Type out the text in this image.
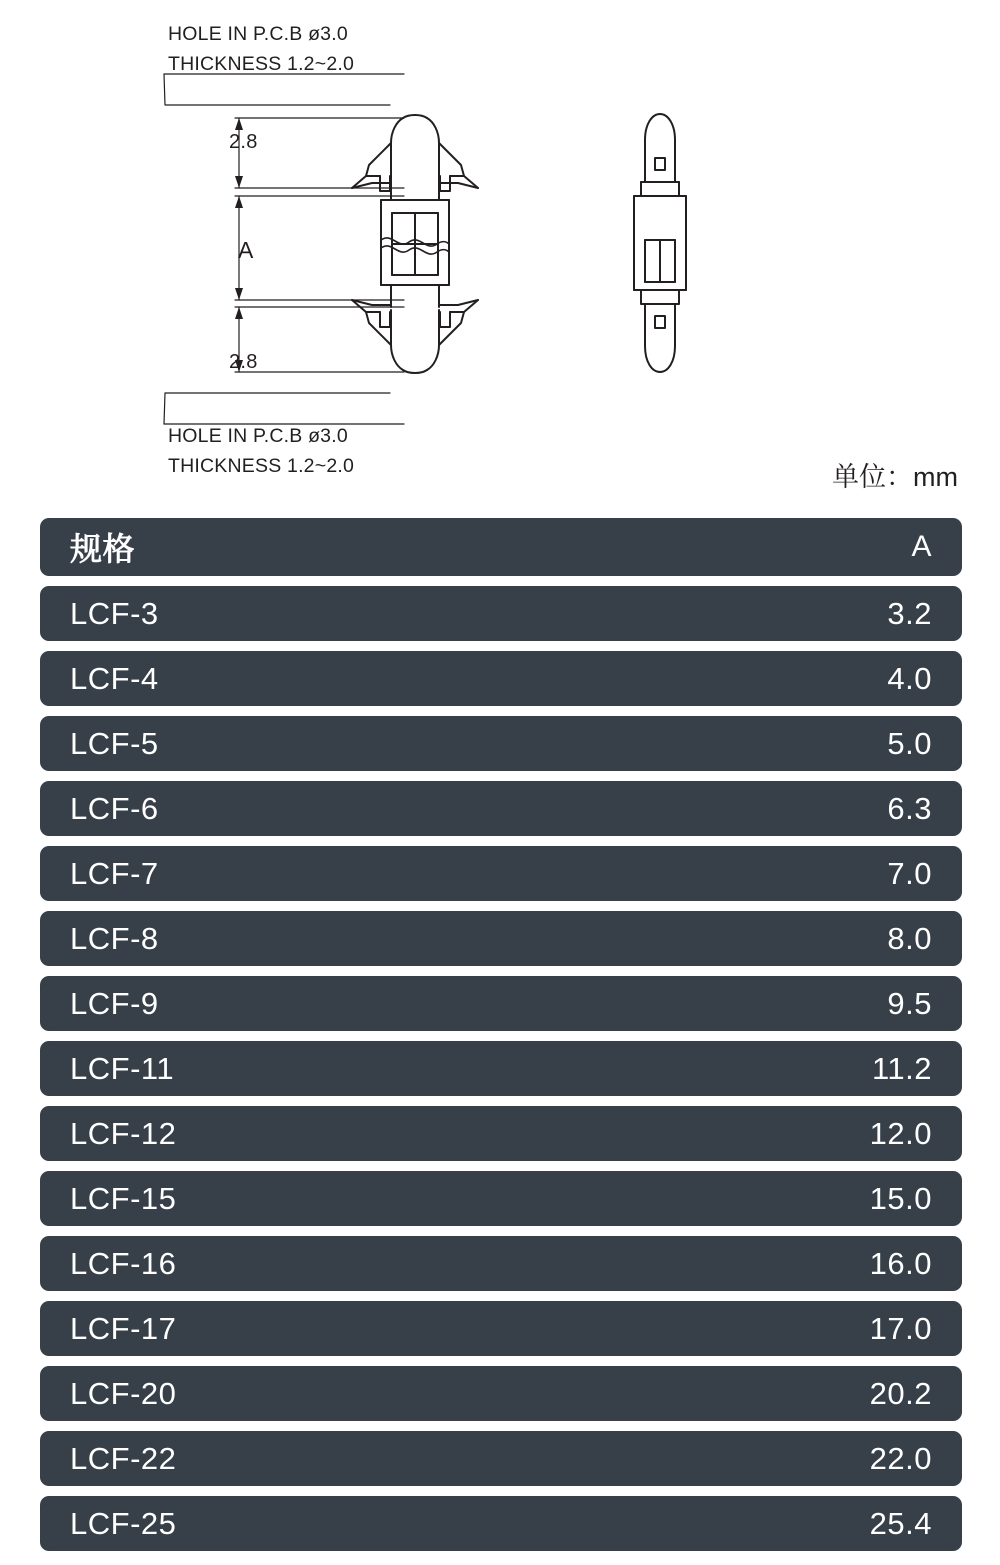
HOLE IN P.C.B ø3.0
THICKNESS 1.2~2.0
HOLE IN P.C.B ø3.0
THICKNESS 1.2~2.0
2.8
A
2.8
单位：mm
规格	A
LCF-3	3.2
LCF-4	4.0
LCF-5	5.0
LCF-6	6.3
LCF-7	7.0
LCF-8	8.0
LCF-9	9.5
LCF-11	11.2
LCF-12	12.0
LCF-15	15.0
LCF-16	16.0
LCF-17	17.0
LCF-20	20.2
LCF-22	22.0
LCF-25	25.4
